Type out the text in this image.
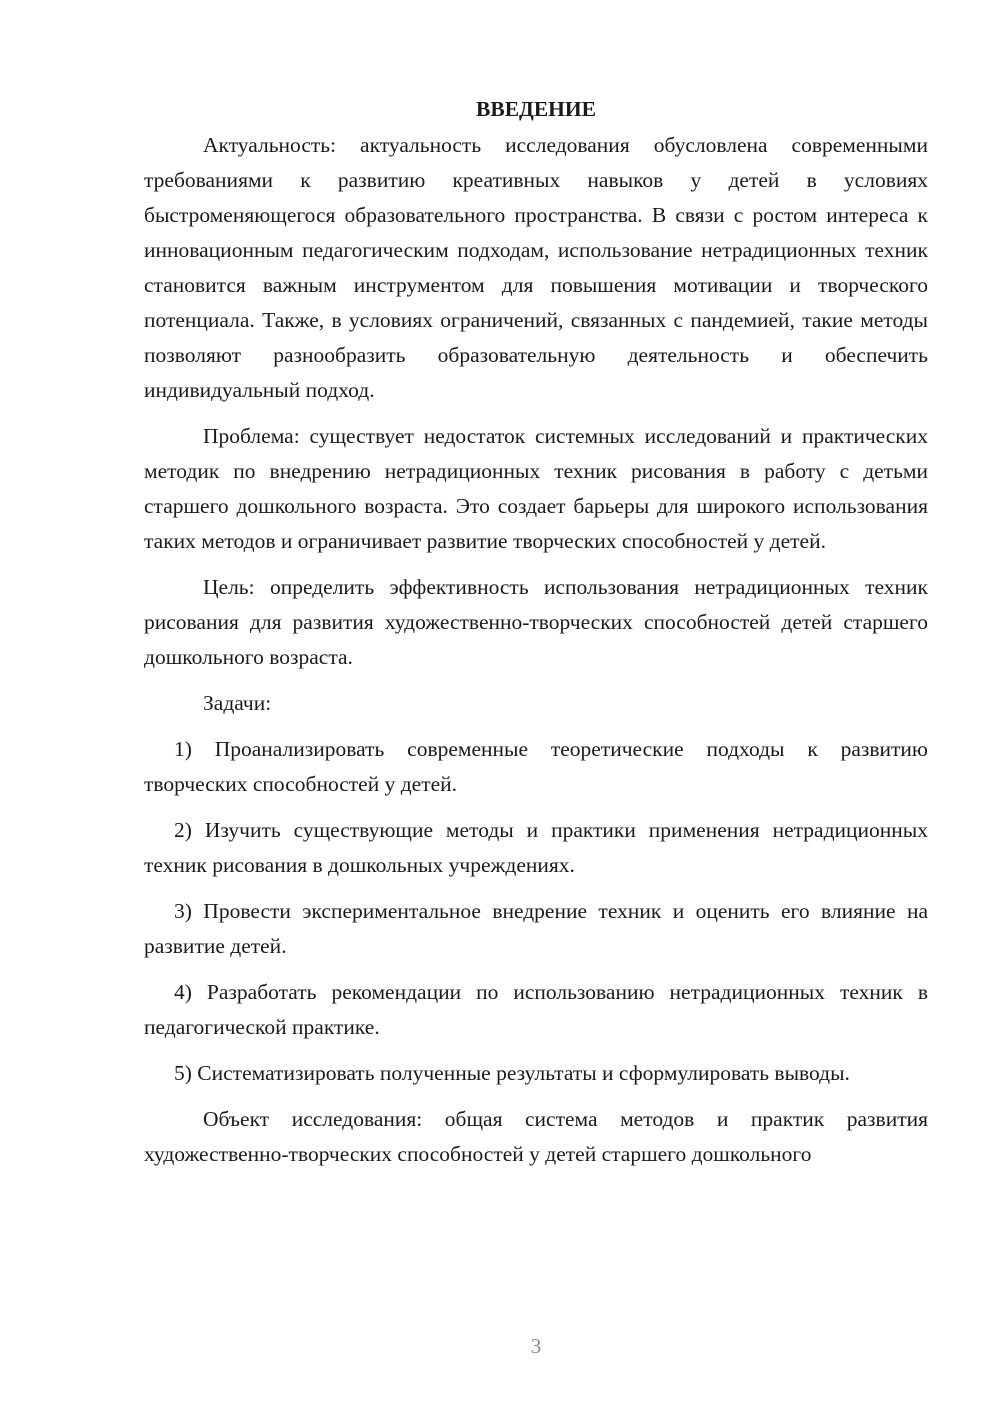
ВВЕДЕНИЕ

Актуальность: актуальность исследования обусловлена современными требованиями к развитию креативных навыков у детей в условиях быстроменяющегося образовательного пространства. В связи с ростом интереса к инновационным педагогическим подходам, использование нетрадиционных техник становится важным инструментом для повышения мотивации и творческого потенциала. Также, в условиях ограничений, связанных с пандемией, такие методы позволяют разнообразить образовательную деятельность и обеспечить индивидуальный подход.

Проблема: существует недостаток системных исследований и практических методик по внедрению нетрадиционных техник рисования в работу с детьми старшего дошкольного возраста. Это создает барьеры для широкого использования таких методов и ограничивает развитие творческих способностей у детей.

Цель: определить эффективность использования нетрадиционных техник рисования для развития художественно-творческих способностей детей старшего дошкольного возраста.

Задачи:

1) Проанализировать современные теоретические подходы к развитию творческих способностей у детей.

2) Изучить существующие методы и практики применения нетрадиционных техник рисования в дошкольных учреждениях.

3) Провести экспериментальное внедрение техник и оценить его влияние на развитие детей.

4) Разработать рекомендации по использованию нетрадиционных техник в педагогической практике.

5) Систематизировать полученные результаты и сформулировать выводы.

Объект исследования: общая система методов и практик развития художественно-творческих способностей у детей старшего дошкольного

3
